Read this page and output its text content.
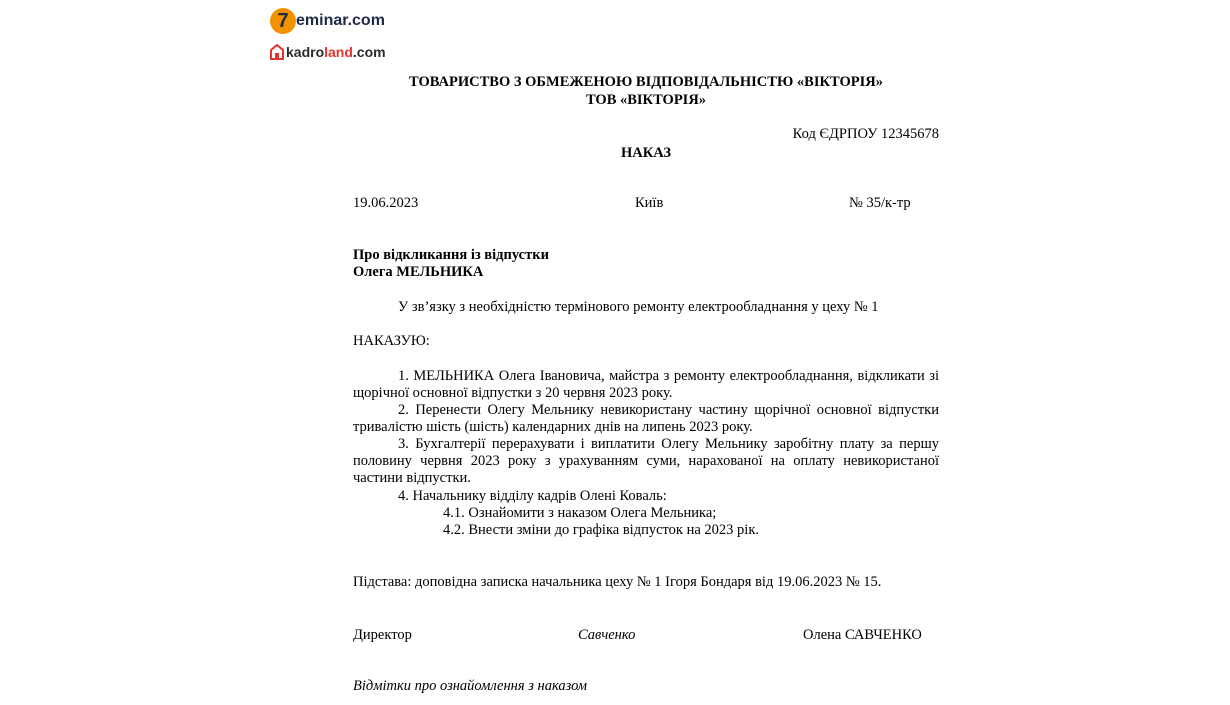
7 eminar.com
kadroland.com
ТОВАРИСТВО З ОБМЕЖЕНОЮ ВІДПОВІДАЛЬНІСТЮ «ВІКТОРІЯ»
ТОВ «ВІКТОРІЯ»
Код ЄДРПОУ 12345678
НАКАЗ
19.06.2023	Київ	№ 35/к-тр
Про відкликання із відпустки
Олега МЕЛЬНИКА
У зв’язку з необхідністю термінового ремонту електрообладнання у цеху № 1
НАКАЗУЮ:
1. МЕЛЬНИКА Олега Івановича, майстра з ремонту електрообладнання, відкликати зі щорічної основної відпустки з 20 червня 2023 року.
2. Перенести Олегу Мельнику невикористану частину щорічної основної відпустки тривалістю шість (шість) календарних днів на липень 2023 року.
3. Бухгалтерії перерахувати і виплатити Олегу Мельнику заробітну плату за першу половину червня 2023 року з урахуванням суми, нарахованої на оплату невикористаної частини відпустки.
4. Начальнику відділу кадрів Олені Коваль:
4.1. Ознайомити з наказом Олега Мельника;
4.2. Внести зміни до графіка відпусток на 2023 рік.
Підстава: доповідна записка начальника цеху № 1 Ігоря Бондаря від 19.06.2023 № 15.
Директор	Савченко	Олена САВЧЕНКО
Відмітки про ознайомлення з наказом
